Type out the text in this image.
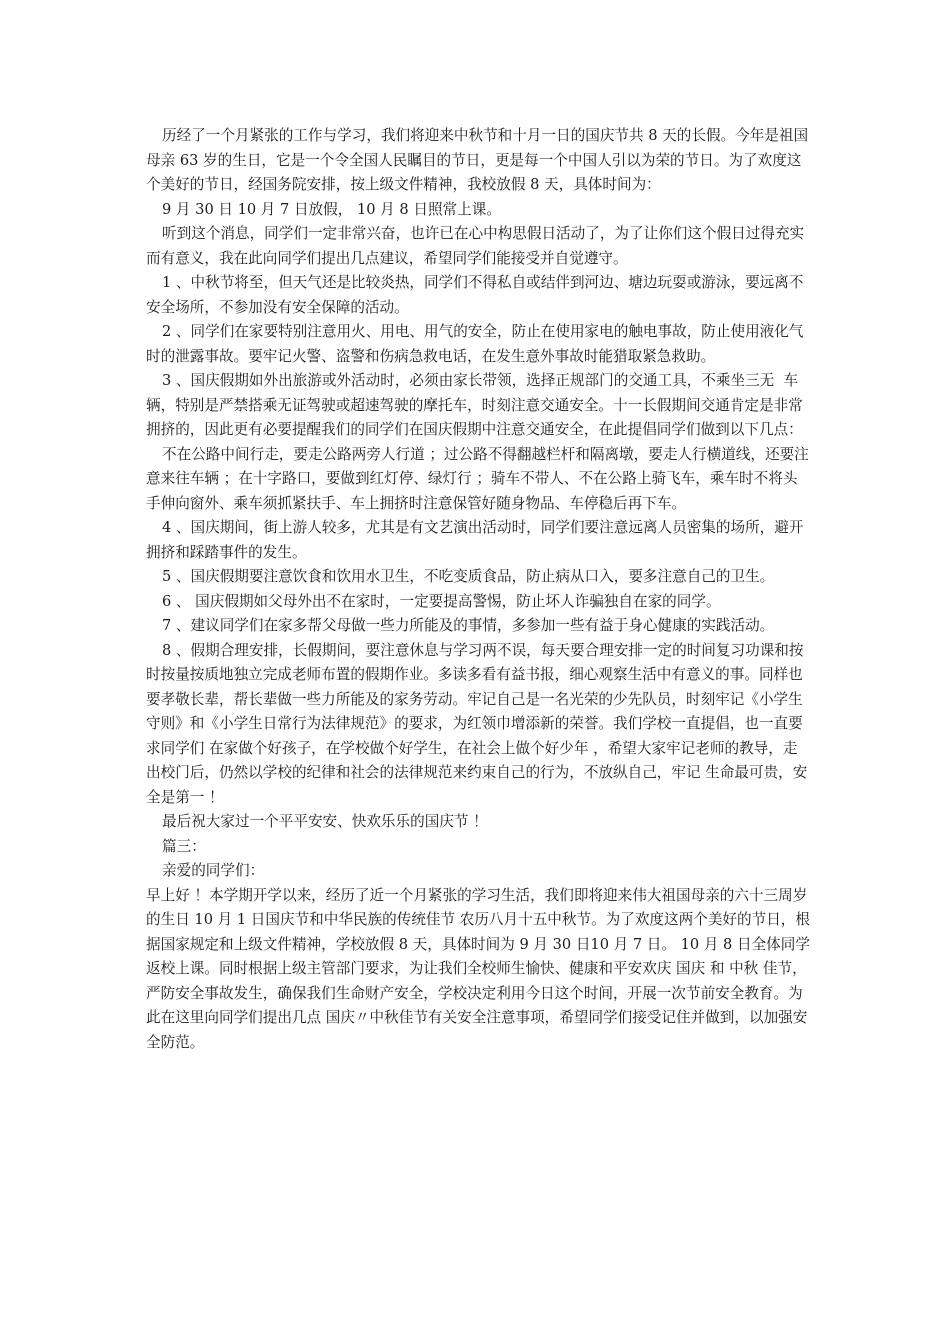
历经了一个月紧张的工作与学习，我们将迎来中秋节和十月一日的国庆节共 8 天的长假。今年是祖国母亲 63 岁的生日，它是一个令全国人民瞩目的节日，更是每一个中国人引以为荣的节日。为了欢度这个美好的节日，经国务院安排，按上级文件精神，我校放假 8 天，具体时间为：

9 月 30 日 10 月 7 日放假， 10 月 8 日照常上课。

听到这个消息，同学们一定非常兴奋，也许已在心中构思假日活动了，为了让你们这个假日过得充实而有意义，我在此向同学们提出几点建议，希望同学们能接受并自觉遵守。

1 、中秋节将至，但天气还是比较炎热，同学们不得私自或结伴到河边、塘边玩耍或游泳，要远离不安全场所，不参加没有安全保障的活动。

2 、同学们在家要特别注意用火、用电、用气的安全，防止在使用家电的触电事故，防止使用液化气时的泄露事故。要牢记火警、盗警和伤病急救电话，在发生意外事故时能猎取紧急救助。

3 、国庆假期如外出旅游或外活动时，必须由家长带领，选择正规部门的交通工具，不乘坐三无  车辆，特别是严禁搭乘无证驾驶或超速驾驶的摩托车，时刻注意交通安全。十一长假期间交通肯定是非常拥挤的，因此更有必要提醒我们的同学们在国庆假期中注意交通安全，在此提倡同学们做到以下几点：

不在公路中间行走，要走公路两旁人行道 ；过公路不得翻越栏杆和隔离墩，要走人行横道线，还要注意来往车辆 ；在十字路口，要做到红灯停、绿灯行 ；骑车不带人、不在公路上骑飞车，乘车时不将头手伸向窗外、乘车须抓紧扶手、车上拥挤时注意保管好随身物品、车停稳后再下车。

4 、国庆期间，街上游人较多，尤其是有文艺演出活动时，同学们要注意远离人员密集的场所，避开拥挤和踩踏事件的发生。

5 、国庆假期要注意饮食和饮用水卫生，不吃变质食品，防止病从口入，要多注意自己的卫生。

6 、 国庆假期如父母外出不在家时，一定要提高警惕，防止坏人诈骗独自在家的同学。

7 、建议同学们在家多帮父母做一些力所能及的事情，多参加一些有益于身心健康的实践活动。

8 、假期合理安排，长假期间，要注意休息与学习两不误，每天要合理安排一定的时间复习功课和按时按量按质地独立完成老师布置的假期作业。多读多看有益书报，细心观察生活中有意义的事。同样也要孝敬长辈，帮长辈做一些力所能及的家务劳动。牢记自己是一名光荣的少先队员，时刻牢记《小学生守则》和《小学生日常行为法律规范》的要求，为红领巾增添新的荣誉。我们学校一直提倡，也一直要求同学们 在家做个好孩子，在学校做个好学生，在社会上做个好少年 ，希望大家牢记老师的教导，走出校门后，仍然以学校的纪律和社会的法律规范来约束自己的行为，不放纵自己，牢记 生命最可贵，安全是第一 ！

最后祝大家过一个平平安安、快欢乐乐的国庆节 ！

篇三：

亲爱的同学们：

早上好 ！本学期开学以来，经历了近一个月紧张的学习生活，我们即将迎来伟大祖国母亲的六十三周岁的生日 10 月 1 日国庆节和中华民族的传统佳节 农历八月十五中秋节。为了欢度这两个美好的节日，根据国家规定和上级文件精神，学校放假 8 天，具体时间为 9 月 30 日10 月 7 日。 10 月 8 日全体同学返校上课。同时根据上级主管部门要求，为让我们全校师生愉快、健康和平安欢庆 国庆 和 中秋 佳节，严防安全事故发生，确保我们生命财产安全，学校决定利用今日这个时间，开展一次节前安全教育。为此在这里向同学们提出几点 国庆〃中秋佳节有关安全注意事项，希望同学们接受记住并做到，以加强安全防范。
